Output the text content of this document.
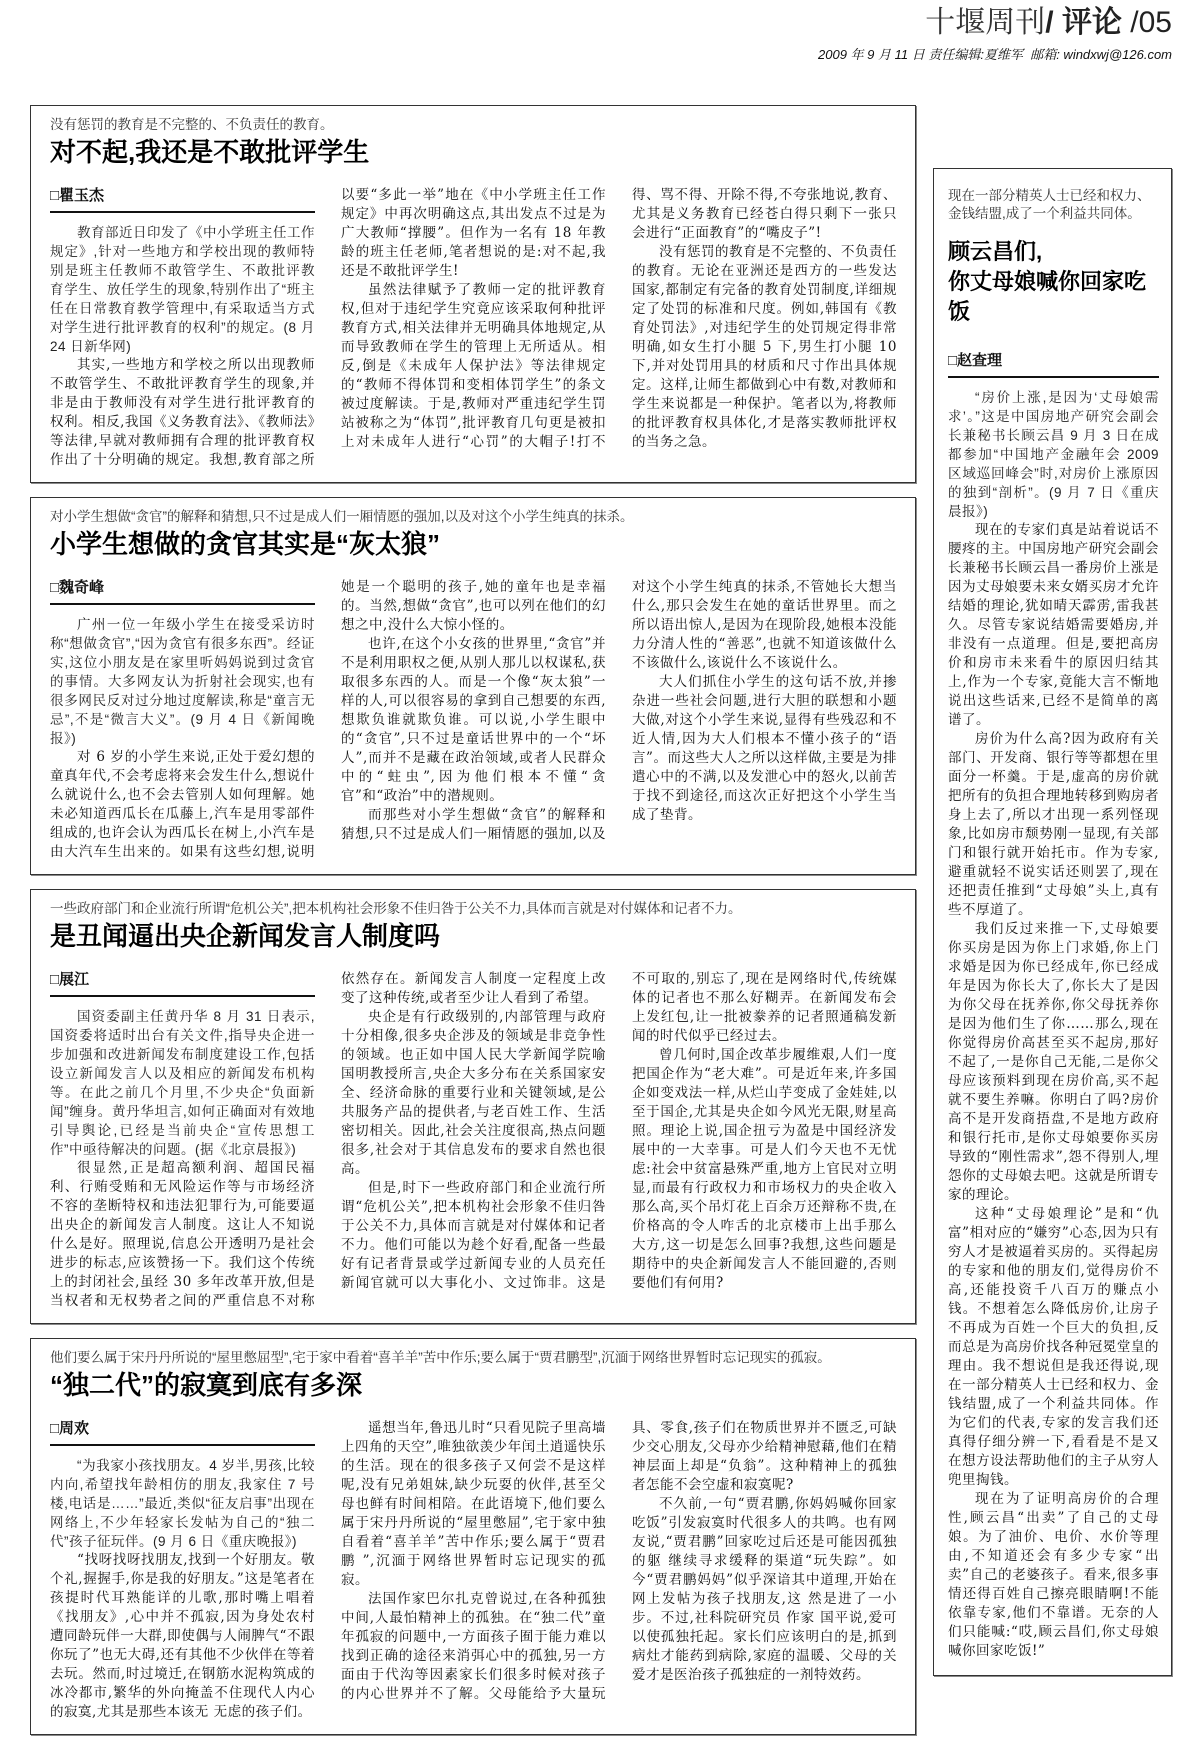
十堰周刊/ 评论 /05
2009 年 9 月 11 日 责任编辑:夏维军 邮箱: windxwj@126.com

没有惩罚的教育是不完整的、不负责任的教育。

对不起,我还是不敢批评学生
□瞿玉杰

教育部近日印发了《中小学班主任工作规定》,针对一些地方和学校出现的教师特别是班主任教师不敢管学生、不敢批评教育学生、放任学生的现象,特别作出了“班主任在日常教育教学管理中,有采取适当方式对学生进行批评教育的权利”的规定。(8 月 24 日新华网)

其实,一些地方和学校之所以出现教师不敢管学生、不敢批评教育学生的现象,并非是由于教师没有对学生进行批评教育的权利。相反,我国《义务教育法》、《教师法》等法律,早就对教师拥有合理的批评教育权作出了十分明确的规定。我想,教育部之所以要“多此一举”地在《中小学班主任工作规定》中再次明确这点,其出发点不过是为广大教师“撑腰”。但作为一名有 18 年教龄的班主任老师,笔者想说的是:对不起,我还是不敢批评学生!

虽然法律赋予了教师一定的批评教育权,但对于违纪学生究竟应该采取何种批评教育方式,相关法律并无明确具体地规定,从而导致教师在学生的管理上无所适从。相反,倒是《未成年人保护法》等法律规定的“教师不得体罚和变相体罚学生”的条文被过度解读。于是,教师对严重违纪学生罚站被称之为“体罚”,批评教育几句更是被扣上对未成年人进行“心罚”的大帽子!打不得、骂不得、开除不得,不夸张地说,教育、尤其是义务教育已经苍白得只剩下一张只会进行“正面教育”的“嘴皮子”!

没有惩罚的教育是不完整的、不负责任的教育。无论在亚洲还是西方的一些发达国家,都制定有完备的教育处罚制度,详细规定了处罚的标准和尺度。例如,韩国有《教育处罚法》,对违纪学生的处罚规定得非常明确,如女生打小腿 5 下,男生打小腿 10 下,并对处罚用具的材质和尺寸作出具体规定。这样,让师生都做到心中有数,对教师和学生来说都是一种保护。笔者以为,将教师的批评教育权具体化,才是落实教师批评权的当务之急。

对小学生想做“贪官”的解释和猜想,只不过是成人们一厢情愿的强加,以及对这个小学生纯真的抹杀。

小学生想做的贪官其实是“灰太狼”
□魏奇峰

广州一位一年级小学生在接受采访时称“想做贪官”,“因为贪官有很多东西”。经证实,这位小朋友是在家里听妈妈说到过贪官的事情。大多网友认为折射社会现实,也有很多网民反对过分地过度解读,称是“童言无忌”,不是“微言大义”。(9 月 4 日《新闻晚报》)

对 6 岁的小学生来说,正处于爱幻想的童真年代,不会考虑将来会发生什么,想说什么就说什么,也不会去管别人如何理解。她未必知道西瓜长在瓜藤上,汽车是用零部件组成的,也许会认为西瓜长在树上,小汽车是由大汽车生出来的。如果有这些幻想,说明她是一个聪明的孩子,她的童年也是幸福的。当然,想做“贪官”,也可以列在他们的幻想之中,没什么大惊小怪的。

也许,在这个小女孩的世界里,“贪官”并不是利用职权之便,从别人那儿以权谋私,获取很多东西的人。而是一个像“灰太狼”一样的人,可以很容易的拿到自己想要的东西,想欺负谁就欺负谁。可以说,小学生眼中的“贪官”,只不过是童话世界中的一个“坏人”,而并不是藏在政治领域,或者人民群众中的“蛀虫”,因为他们根本不懂“贪官”和“政治”中的潜规则。

而那些对小学生想做“贪官”的解释和猜想,只不过是成人们一厢情愿的强加,以及对这个小学生纯真的抹杀,不管她长大想当什么,那只会发生在她的童话世界里。而之所以语出惊人,是因为在现阶段,她根本没能力分清人性的“善恶”,也就不知道该做什么不该做什么,该说什么不该说什么。

大人们抓住小学生的这句话不放,并掺杂进一些社会问题,进行大胆的联想和小题大做,对这个小学生来说,显得有些残忍和不近人情,因为大人们根本不懂小孩子的“语言”。而这些大人之所以这样做,主要是为排遣心中的不满,以及发泄心中的怒火,以前苦于找不到途径,而这次正好把这个小学生当成了垫背。

一些政府部门和企业流行所谓“危机公关”,把本机构社会形象不佳归咎于公关不力,具体而言就是对付媒体和记者不力。

是丑闻逼出央企新闻发言人制度吗
□展江

国资委副主任黄丹华 8 月 31 日表示,国资委将适时出台有关文件,指导央企进一步加强和改进新闻发布制度建设工作,包括设立新闻发言人以及相应的新闻发布机构等。在此之前几个月里,不少央企“负面新闻”缠身。黄丹华坦言,如何正确面对有效地引导舆论,已经是当前央企“宣传思想工作”中亟待解决的问题。(据《北京晨报》)

很显然,正是超高额利润、超国民福利、行贿受贿和无风险运作等与市场经济不容的垄断特权和违法犯罪行为,可能要逼出央企的新闻发言人制度。这让人不知说什么是好。照理说,信息公开透明乃是社会进步的标志,应该赞扬一下。我们这个传统上的封闭社会,虽经 30 多年改革开放,但是当权者和无权势者之间的严重信息不对称依然存在。新闻发言人制度一定程度上改变了这种传统,或者至少让人看到了希望。

央企是有行政级别的,内部管理与政府十分相像,很多央企涉及的领域是非竞争性的领域。也正如中国人民大学新闻学院喻国明教授所言,央企大多分布在关系国家安全、经济命脉的重要行业和关键领域,是公共服务产品的提供者,与老百姓工作、生活密切相关。因此,社会关注度很高,热点问题很多,社会对于其信息发布的要求自然也很高。

但是,时下一些政府部门和企业流行所谓“危机公关”,把本机构社会形象不佳归咎于公关不力,具体而言就是对付媒体和记者不力。他们可能以为趁个好看,配备一些最好有记者背景或学过新闻专业的人员充任新闻官就可以大事化小、文过饰非。这是不可取的,别忘了,现在是网络时代,传统媒体的记者也不那么好糊弄。在新闻发布会上发红包,让一批被豢养的记者照通稿发新闻的时代似乎已经过去。

曾几何时,国企改革步履维艰,人们一度把国企作为“老大难”。可是近年来,许多国企如变戏法一样,从烂山芋变成了金娃娃,以至于国企,尤其是央企如今风光无限,财星高照。理论上说,国企扭亏为盈是中国经济发展中的一大幸事。可是人们今天也不无忧虑:社会中贫富悬殊严重,地方上官民对立明显,而最有行政权力和市场权力的央企收入那么高,买个吊灯花上百余万还辩称不贵,在价格高的令人咋舌的北京楼市上出手那么大方,这一切是怎么回事?我想,这些问题是期待中的央企新闻发言人不能回避的,否则要他们有何用?

他们要么属于宋丹丹所说的“屋里憋屈型”,宅于家中看着“喜羊羊”苦中作乐;要么属于“贾君鹏型”,沉湎于网络世界暂时忘记现实的孤寂。

“独二代”的寂寞到底有多深
□周欢

“为我家小孩找朋友。4 岁半,男孩,比较内向,希望找年龄相仿的朋友,我家住 7 号楼,电话是……”最近,类似“征友启事”出现在网络上,不少年轻家长发帖为自己的“独二代”孩子征玩伴。(9 月 6 日《重庆晚报》)

“找呀找呀找朋友,找到一个好朋友。敬个礼,握握手,你是我的好朋友。”这是笔者在孩提时代耳熟能详的儿歌,那时嘴上唱着《找朋友》,心中并不孤寂,因为身处农村 遭同龄玩伴一大群,即使偶与人闹脾气“不跟你玩了”也无大碍,还有其他不少伙伴在等着去玩。然而,时过境迁,在钢筋水泥构筑成的冰冷都市,繁华的外向掩盖不住现代人内心的寂寞,尤其是那些本该无 无虑的孩子们。

遥想当年,鲁迅儿时“只看见院子里高墙上四角的天空”,唯独欲羡少年闰土逍遥快乐的生活。现在的很多孩子又何尝不是这样呢,没有兄弟姐妹,缺少玩耍的伙伴,甚至父母也鲜有时间相陪。在此语境下,他们要么属于宋丹丹所说的“屋里憋屈”,宅于家中独自看着“喜羊羊”苦中作乐;要么属于“贾君鹏 ”,沉湎于网络世界暂时忘记现实的孤寂。

法国作家巴尔扎克曾说过,在各种孤独中间,人最怕精神上的孤独。在“独二代”童年孤寂的问题中,一方面孩子囿于能力难以找到正确的途径来消弭心中的孤独,另一方面由于代沟等因素家长们很多时候对孩子的内心世界并不了解。父母能给予大量玩具、零食,孩子们在物质世界并不匮乏,可缺少交心朋友,父母亦少给精神慰藉,他们在精神层面上却是“负翁”。这种精神上的孤独者怎能不会空虚和寂寞呢?

不久前,一句“贾君鹏,你妈妈喊你回家吃饭”引发寂寞时代很多人的共鸣。也有网友说,“贾君鹏”回家吃过后还是可能因孤独的躯 继续寻求缓释的渠道“玩失踪”。如今“贾君鹏妈妈”似乎深谙其中道理,开始在网上发帖为孩子找朋友,这 然是进了一小步。不过,社科院研究员 作家 国平说,爱可以使孤独托起。家长们应该明白的是,抓到病灶才能药到病除,家庭的温暖、父母的关爱才是医治孩子孤独症的一剂特效药。

现在一部分精英人士已经和权力、金钱结盟,成了一个利益共同体。

顾云昌们,
你丈母娘喊你回家吃饭
□赵查理

“房价上涨,是因为‘丈母娘需求’。”这是中国房地产研究会副会长兼秘书长顾云昌 9 月 3 日在成都参加“中国地产金融年会 2009 区域巡回峰会”时,对房价上涨原因的独到“剖析”。(9 月 7 日《重庆晨报》)

现在的专家们真是站着说话不腰疼的主。中国房地产研究会副会长兼秘书长顾云昌一番房价上涨是因为丈母娘要未来女婿买房才允许结婚的理论,犹如晴天霹雳,雷我甚久。尽管专家说结婚需要婚房,并非没有一点道理。但是,要把高房价和房市未来看牛的原因归结其上,作为一个专家,竟能大言不惭地说出这些话来,已经不是简单的离谱了。

房价为什么高?因为政府有关部门、开发商、银行等等都想在里面分一杯羹。于是,虚高的房价就把所有的负担合理地转移到购房者身上去了,所以才出现一系列怪现象,比如房市颓势刚一显现,有关部门和银行就开始托市。作为专家,避重就轻不说实话还则罢了,现在还把责任推到“丈母娘”头上,真有些不厚道了。

我们反过来推一下,丈母娘要你买房是因为你上门求婚,你上门求婚是因为你已经成年,你已经成年是因为你长大了,你长大了是因为你父母在抚养你,你父母抚养你是因为他们生了你……那么,现在你觉得房价高甚至买不起房,那好不起了,一是你自己无能,二是你父母应该预料到现在房价高,买不起就不要生养嘛。你明白了吗?房价高不是开发商捂盘,不是地方政府和银行托市,是你丈母娘要你买房导致的“刚性需求”,怨不得别人,埋怨你的丈母娘去吧。这就是所谓专家的理论。

这种“丈母娘理论”是和“仇富”相对应的“嫌穷”心态,因为只有穷人才是被逼着买房的。买得起房的专家和他的朋友们,觉得房价不高,还能投资千八百万的赚点小钱。不想着怎么降低房价,让房子不再成为百姓一个巨大的负担,反而总是为高房价找各种冠冕堂皇的理由。我不想说但是我还得说,现在一部分精英人士已经和权力、金钱结盟,成了一个利益共同体。作为它们的代表,专家的发言我们还真得仔细分辨一下,看看是不是又在想方设法帮助他们的主子从穷人兜里掏钱。

现在为了证明高房价的合理性,顾云昌“出卖”了自己的丈母娘。为了油价、电价、水价等理由,不知道还会有多少专家“出卖”自己的老婆孩子。看来,很多事情还得百姓自己擦亮眼睛啊!不能依靠专家,他们不靠谱。无奈的人们只能喊:“哎,顾云昌们,你丈母娘喊你回家吃饭!”
